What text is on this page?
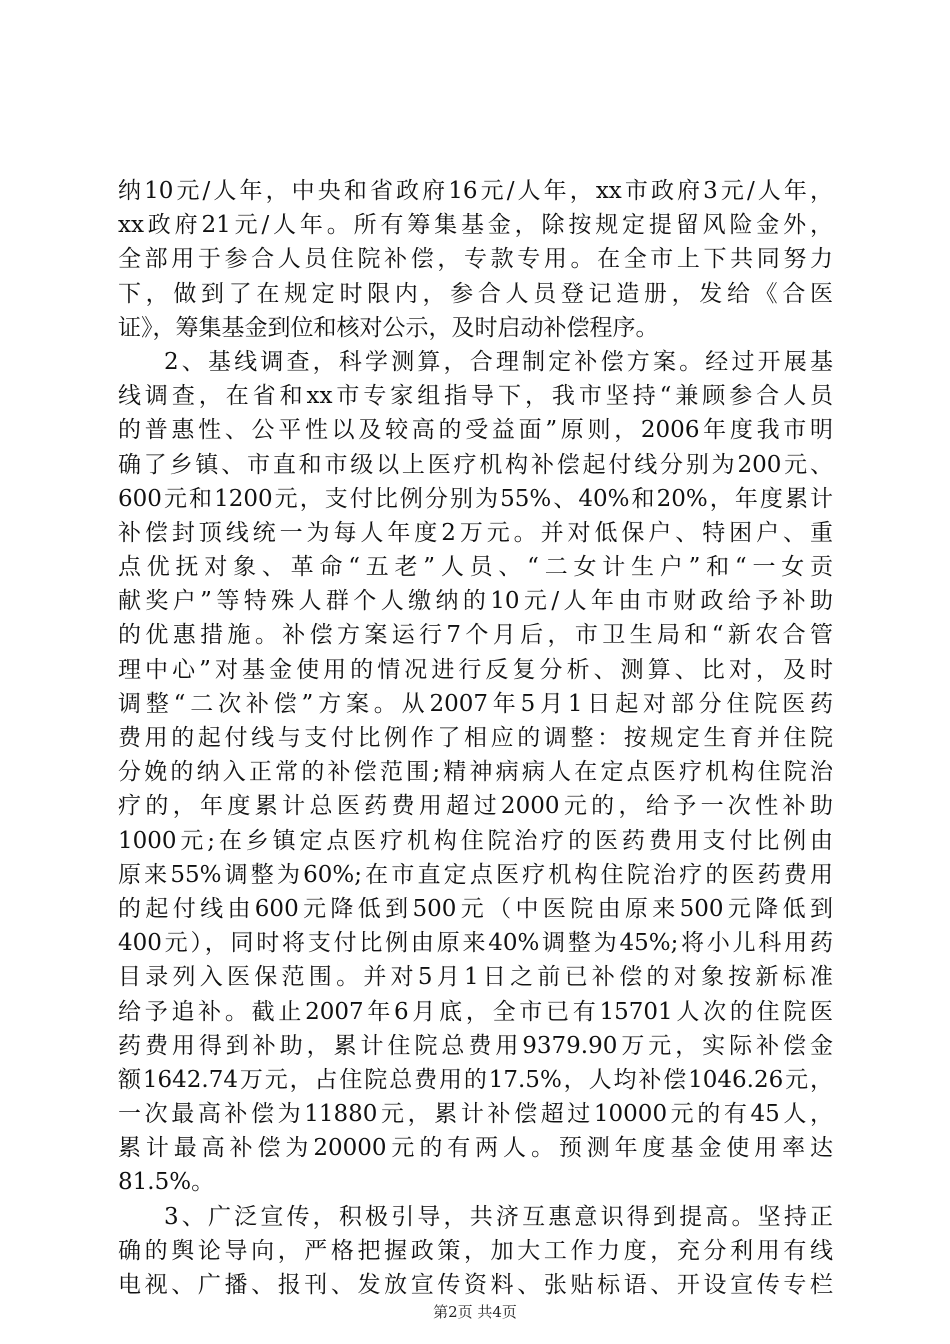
纳10元/人年，中央和省政府16元/人年，xx市政府3元/人年，
xx政府21元/人年。所有筹集基金，除按规定提留风险金外，
全部用于参合人员住院补偿，专款专用。在全市上下共同努力
下，做到了在规定时限内，参合人员登记造册，发给《合医
证》，筹集基金到位和核对公示，及时启动补偿程序。
2、基线调查，科学测算，合理制定补偿方案。经过开展基
线调查，在省和xx市专家组指导下，我市坚持“兼顾参合人员
的普惠性、公平性以及较高的受益面”原则，2006年度我市明
确了乡镇、市直和市级以上医疗机构补偿起付线分别为200元、
600元和1200元，支付比例分别为55%、40%和20%，年度累计
补偿封顶线统一为每人年度2万元。并对低保户、特困户、重
点优抚对象、革命“五老”人员、“二女计生户”和“一女贡
献奖户”等特殊人群个人缴纳的10元/人年由市财政给予补助
的优惠措施。补偿方案运行7个月后，市卫生局和“新农合管
理中心”对基金使用的情况进行反复分析、测算、比对，及时
调整“二次补偿”方案。从2007年5月1日起对部分住院医药
费用的起付线与支付比例作了相应的调整：按规定生育并住院
分娩的纳入正常的补偿范围;精神病病人在定点医疗机构住院治
疗的，年度累计总医药费用超过2000元的，给予一次性补助
1000元;在乡镇定点医疗机构住院治疗的医药费用支付比例由
原来55%调整为60%;在市直定点医疗机构住院治疗的医药费用
的起付线由600元降低到500元（中医院由原来500元降低到
400元），同时将支付比例由原来40%调整为45%;将小儿科用药
目录列入医保范围。并对5月1日之前已补偿的对象按新标准
给予追补。截止2007年6月底，全市已有15701人次的住院医
药费用得到补助，累计住院总费用9379.90万元，实际补偿金
额1642.74万元，占住院总费用的17.5%，人均补偿1046.26元，
一次最高补偿为11880元，累计补偿超过10000元的有45人，
累计最高补偿为20000元的有两人。预测年度基金使用率达
81.5%。
3、广泛宣传，积极引导，共济互惠意识得到提高。坚持正
确的舆论导向，严格把握政策，加大工作力度，充分利用有线
电视、广播、报刊、发放宣传资料、张贴标语、开设宣传专栏
第2页 共4页
